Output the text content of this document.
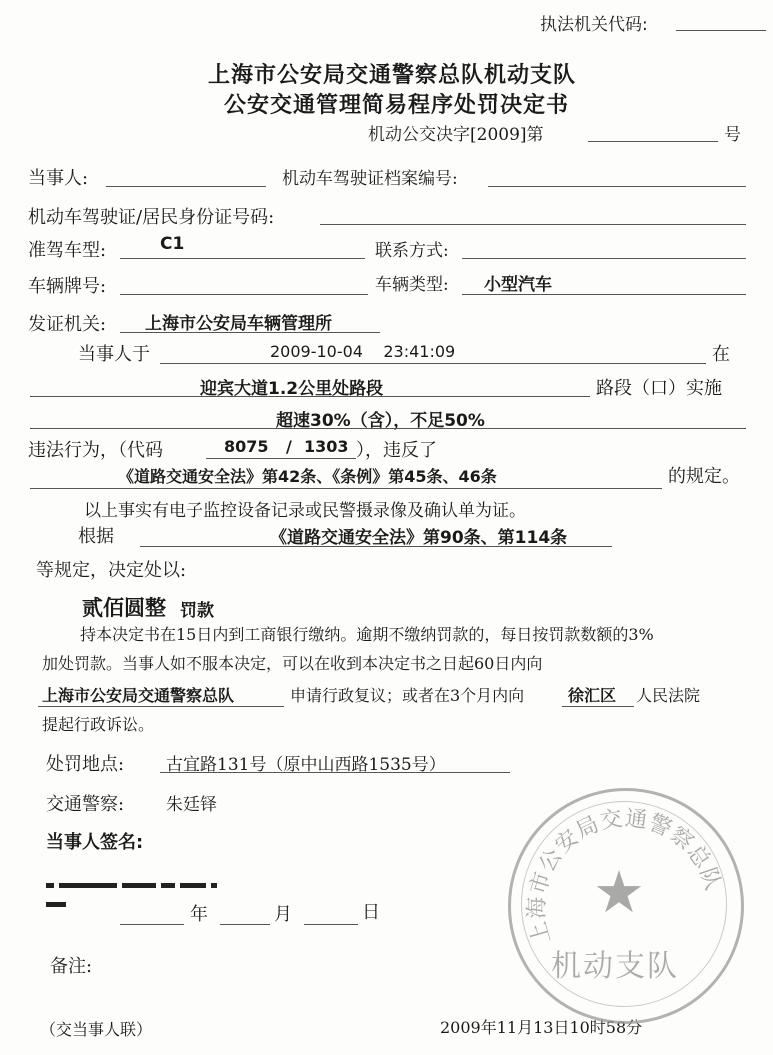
执法机关代码:
上海市公安局交通警察总队机动支队
公安交通管理简易程序处罚决定书
机动公交决字[2009]第	号
当事人:	机动车驾驶证档案编号:
机动车驾驶证/居民身份证号码:
准驾车型:	C1	联系方式:
车辆牌号:	车辆类型: 小型汽车
发证机关: 上海市公安局车辆管理所
当事人于	2009-10-04    23:41:09	在
迎宾大道1.2公里处路段	路段（口）实施
超速30%（含），不足50%
违法行为，（代码	8075 / 1303 ），违反了
《道路交通安全法》第42条、《条例》第45条、46条	的规定。
以上事实有电子监控设备记录或民警摄录像及确认单为证。
根据	《道路交通安全法》第90条、第114条
等规定，决定处以:
贰佰圆整 罚款
持本决定书在15日内到工商银行缴纳。逾期不缴纳罚款的，每日按罚款数额的3%
加处罚款。当事人如不服本决定，可以在收到本决定书之日起60日内向
上海市公安局交通警察总队	申请行政复议；或者在3个月内向	徐汇区 人民法院
提起行政诉讼。
处罚地点: 古宜路131号（原中山西路1535号）
交通警察: 朱廷铎
当事人签名:
年	月	日
备注:
（交当事人联）	2009年11月13日10时58分
上海市公安局交通警察总队
★
机动支队
